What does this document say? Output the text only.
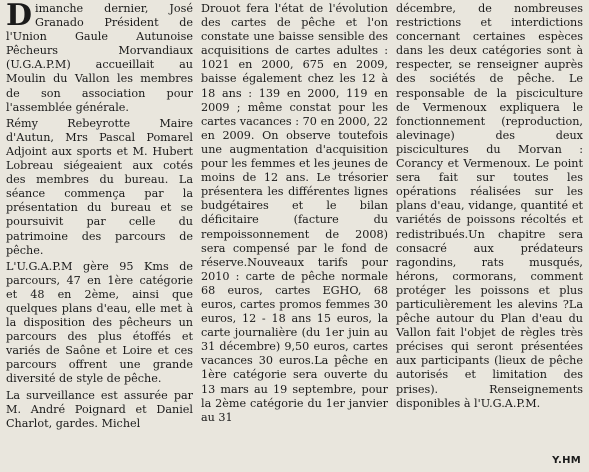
Dimanche dernier, José Granado Président de l'Union Gaule Autunoise Pêcheurs Morvandiaux (U.G.A.P.M) accueillait au Moulin du Vallon les membres de son association pour l'assemblée générale.

Rémy Rebeyrotte Maire d'Autun, Mrs Pascal Pomarel Adjoint aux sports et M. Hubert Lobreau siégeaient aux cotés des membres du bureau. La séance commença par la présentation du bureau et se poursuivit par celle du patrimoine des parcours de pêche.

L'U.G.A.P.M gère 95 Kms de parcours, 47 en 1ère catégorie et 48 en 2ème, ainsi que quelques plans d'eau, elle met à la disposition des pêcheurs un parcours des plus étoffés et variés de Saône et Loire et ces parcours offrent une grande diversité de style de pêche.

La surveillance est assurée par M. André Poignard et Daniel Charlot, gardes. Michel

Drouot fera l'état de l'évolution des cartes de pêche et l'on constate une baisse sensible des acquisitions de cartes adultes : 1021 en 2000, 675 en 2009, baisse également chez les 12 à 18 ans : 139 en 2000, 119 en 2009 ; même constat pour les cartes vacances : 70 en 2000, 22 en 2009. On observe toutefois une augmentation d'acquisition pour les femmes et les jeunes de moins de 12 ans. Le trésorier présentera les différentes lignes budgétaires et le bilan déficitaire (facture du rempoissonnement de 2008) sera compensé par le fond de réserve.Nouveaux tarifs pour 2010 : carte de pêche normale 68 euros, cartes EGHO, 68 euros, cartes promos femmes 30 euros, 12 - 18 ans 15 euros, la carte journalière (du 1er juin au 31 décembre) 9,50 euros, cartes vacances 30 euros.La pêche en 1ère catégorie sera ouverte du 13 mars au 19 septembre, pour la 2ème catégorie du 1er janvier au 31

décembre, de nombreuses restrictions et interdictions concernant certaines espèces dans les deux catégories sont à respecter, se renseigner auprès des sociétés de pêche. Le responsable de la pisciculture de Vermenoux expliquera le fonctionnement (reproduction, alevinage) des deux piscicultures du Morvan : Corancy et Vermenoux. Le point sera fait sur toutes les opérations réalisées sur les plans d'eau, vidange, quantité et variétés de poissons récoltés et redistribués.Un chapitre sera consacré aux prédateurs ragondins, rats musqués, hérons, cormorans, comment protéger les poissons et plus particulièrement les alevins ?La pêche autour du Plan d'eau du Vallon fait l'objet de règles très précises qui seront présentées aux participants (lieux de pêche autorisés et limitation des prises). Renseignements disponibles à l'U.G.A.P.M.

Y.HM
